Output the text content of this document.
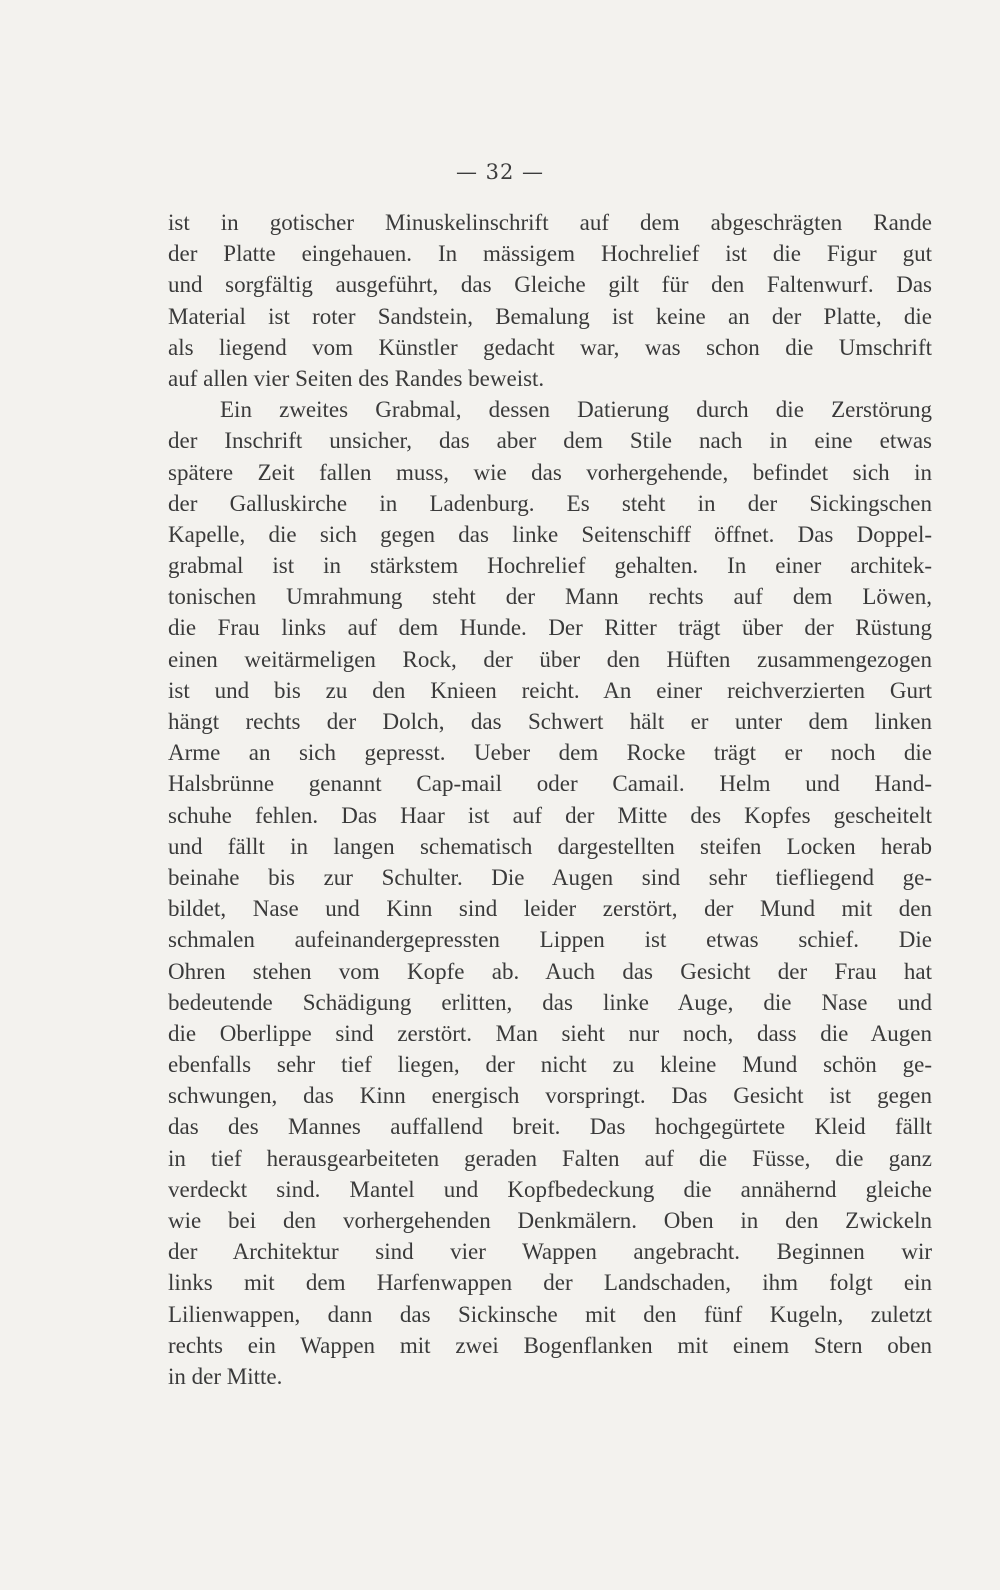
— 32 —
ist in gotischer Minuskelinschrift auf dem abgeschrägten Rande
der Platte eingehauen. In mässigem Hochrelief ist die Figur gut
und sorgfältig ausgeführt, das Gleiche gilt für den Faltenwurf. Das
Material ist roter Sandstein, Bemalung ist keine an der Platte, die
als liegend vom Künstler gedacht war, was schon die Umschrift
auf allen vier Seiten des Randes beweist.
Ein zweites Grabmal, dessen Datierung durch die Zerstörung
der Inschrift unsicher, das aber dem Stile nach in eine etwas
spätere Zeit fallen muss, wie das vorhergehende, befindet sich in
der Galluskirche in Ladenburg. Es steht in der Sickingschen
Kapelle, die sich gegen das linke Seitenschiff öffnet. Das Doppel-
grabmal ist in stärkstem Hochrelief gehalten. In einer architek-
tonischen Umrahmung steht der Mann rechts auf dem Löwen,
die Frau links auf dem Hunde. Der Ritter trägt über der Rüstung
einen weitärmeligen Rock, der über den Hüften zusammengezogen
ist und bis zu den Knieen reicht. An einer reichverzierten Gurt
hängt rechts der Dolch, das Schwert hält er unter dem linken
Arme an sich gepresst. Ueber dem Rocke trägt er noch die
Halsbrünne genannt Cap-mail oder Camail. Helm und Hand-
schuhe fehlen. Das Haar ist auf der Mitte des Kopfes gescheitelt
und fällt in langen schematisch dargestellten steifen Locken herab
beinahe bis zur Schulter. Die Augen sind sehr tiefliegend ge-
bildet, Nase und Kinn sind leider zerstört, der Mund mit den
schmalen aufeinandergepressten Lippen ist etwas schief. Die
Ohren stehen vom Kopfe ab. Auch das Gesicht der Frau hat
bedeutende Schädigung erlitten, das linke Auge, die Nase und
die Oberlippe sind zerstört. Man sieht nur noch, dass die Augen
ebenfalls sehr tief liegen, der nicht zu kleine Mund schön ge-
schwungen, das Kinn energisch vorspringt. Das Gesicht ist gegen
das des Mannes auffallend breit. Das hochgegürtete Kleid fällt
in tief herausgearbeiteten geraden Falten auf die Füsse, die ganz
verdeckt sind. Mantel und Kopfbedeckung die annähernd gleiche
wie bei den vorhergehenden Denkmälern. Oben in den Zwickeln
der Architektur sind vier Wappen angebracht. Beginnen wir
links mit dem Harfenwappen der Landschaden, ihm folgt ein
Lilienwappen, dann das Sickinsche mit den fünf Kugeln, zuletzt
rechts ein Wappen mit zwei Bogenflanken mit einem Stern oben
in der Mitte.
